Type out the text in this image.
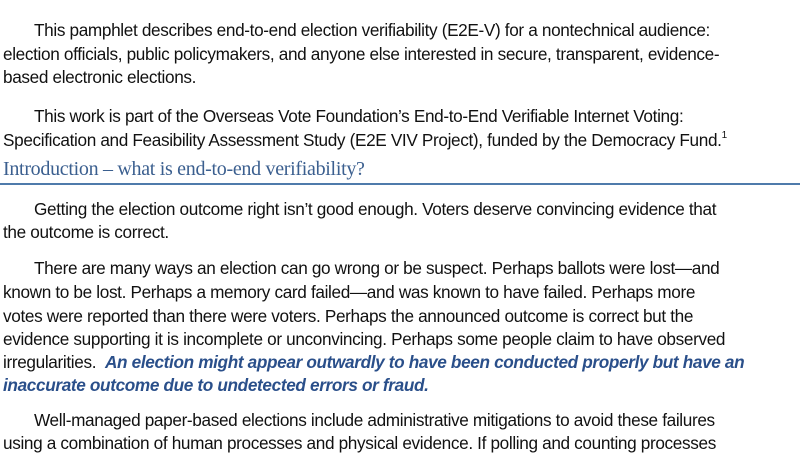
This pamphlet describes end-to-end election verifiability (E2E-V) for a nontechnical audience:
election officials, public policymakers, and anyone else interested in secure, transparent, evidence-
based electronic elections.
This work is part of the Overseas Vote Foundation’s End-to-End Verifiable Internet Voting:
Specification and Feasibility Assessment Study (E2E VIV Project), funded by the Democracy Fund.$^1$
Introduction – what is end-to-end verifiability?
Getting the election outcome right isn’t good enough. Voters deserve convincing evidence that
the outcome is correct.
There are many ways an election can go wrong or be suspect. Perhaps ballots were lost—and
known to be lost. Perhaps a memory card failed—and was known to have failed. Perhaps more
votes were reported than there were voters. Perhaps the announced outcome is correct but the
evidence supporting it is incomplete or unconvincing. Perhaps some people claim to have observed
irregularities.  An election might appear outwardly to have been conducted properly but have an
inaccurate outcome due to undetected errors or fraud.
Well-managed paper-based elections include administrative mitigations to avoid these failures
using a combination of human processes and physical evidence. If polling and counting processes
